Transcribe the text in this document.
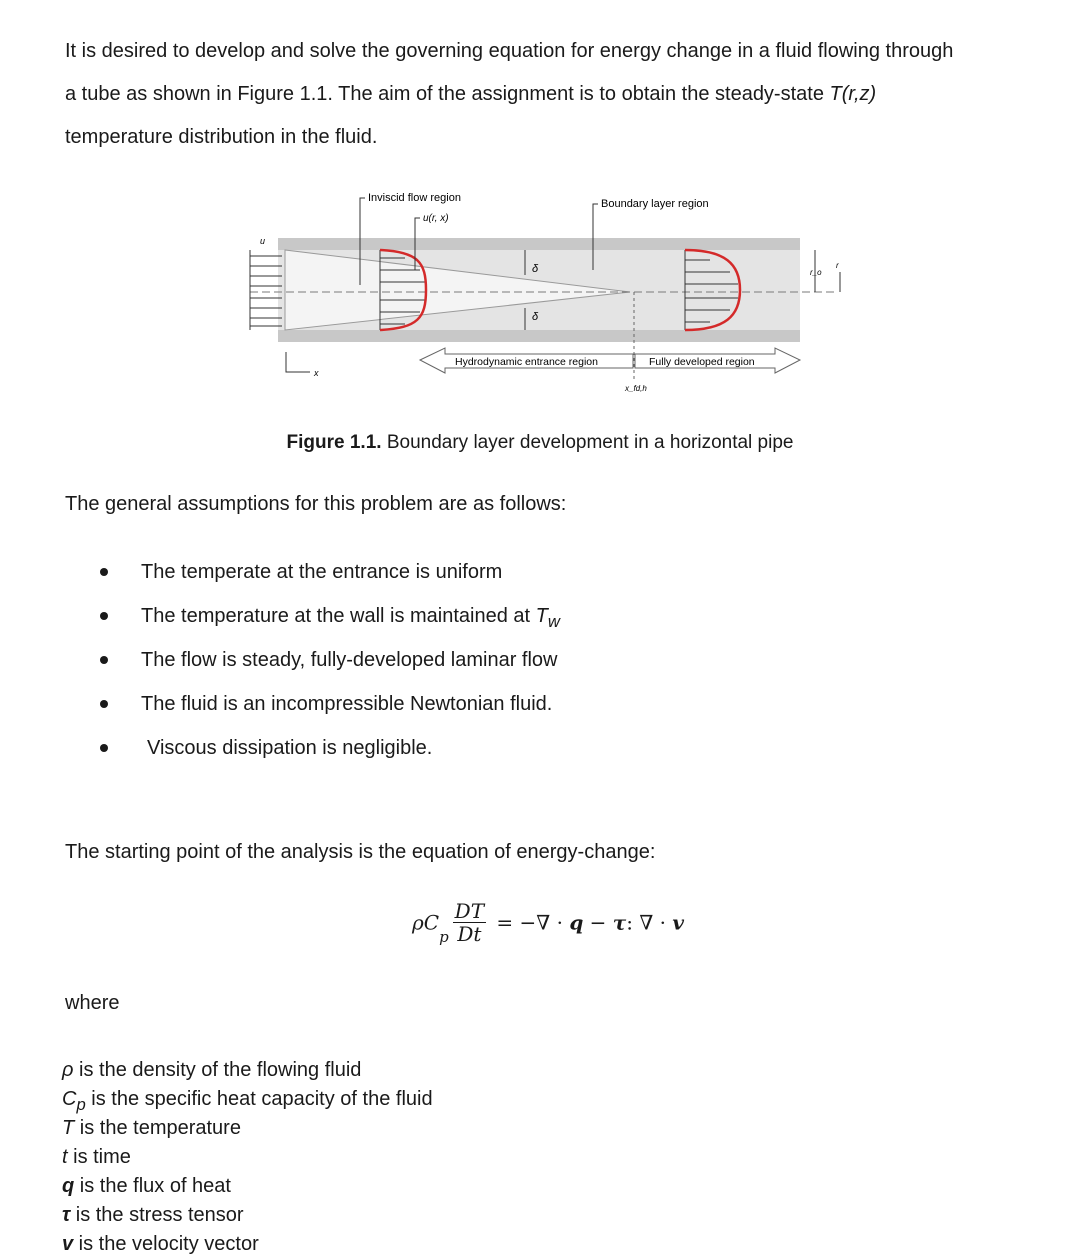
It is desired to develop and solve the governing equation for energy change in a fluid flowing through
a tube as shown in Figure 1.1. The aim of the assignment is to obtain the steady-state T(r,z)
temperature distribution in the fluid.

Inviscid flow region
u(r, x)
Boundary layer region
δ
δ
u
x
r_o
r
Hydrodynamic entrance region	Fully developed region
x_fd,h
Figure 1.1. Boundary layer development in a horizontal pipe
The general assumptions for this problem are as follows:
The temperate at the entrance is uniform
The temperature at the wall is maintained at $T_w$
The flow is steady, fully-developed laminar flow
The fluid is an incompressible Newtonian fluid.
Viscous dissipation is negligible.
The starting point of the analysis is the equation of energy-change:
$\rho C_p \frac{DT}{Dt}$ = −∇ · q − τ: ∇ · v
where
ρ is the density of the flowing fluid
$C_p$ is the specific heat capacity of the fluid
T is the temperature
t is time
q is the flux of heat
τ is the stress tensor
v is the velocity vector
